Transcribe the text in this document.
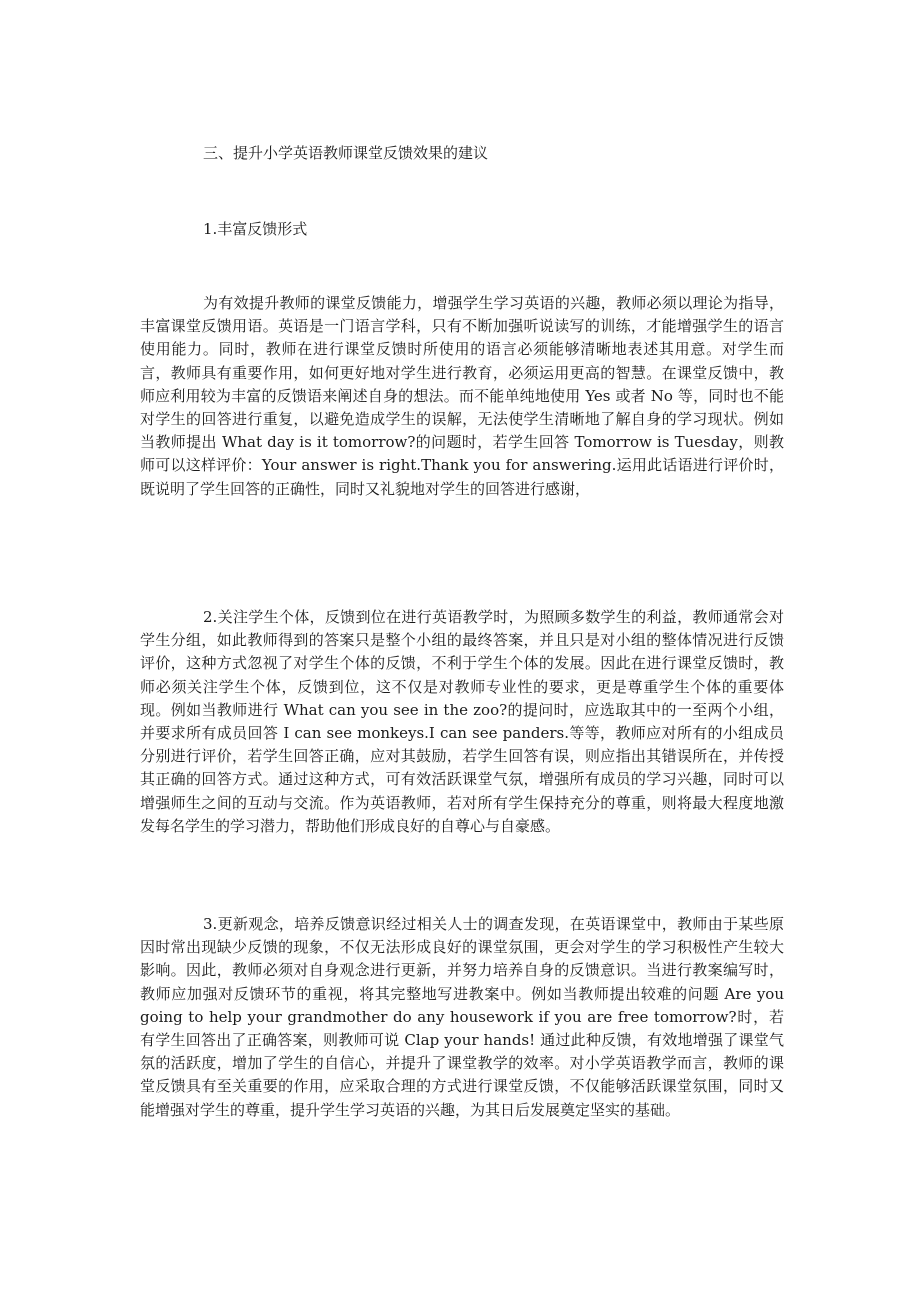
三、提升小学英语教师课堂反馈效果的建议
1.丰富反馈形式

为有效提升教师的课堂反馈能力，增强学生学习英语的兴趣，教师必须以理论为指导，丰富课堂反馈用语。英语是一门语言学科，只有不断加强听说读写的训练，才能增强学生的语言使用能力。同时，教师在进行课堂反馈时所使用的语言必须能够清晰地表述其用意。对学生而言，教师具有重要作用，如何更好地对学生进行教育，必须运用更高的智慧。在课堂反馈中，教师应利用较为丰富的反馈语来阐述自身的想法。而不能单纯地使用 Yes 或者 No 等，同时也不能对学生的回答进行重复，以避免造成学生的误解，无法使学生清晰地了解自身的学习现状。例如当教师提出 What day is it tomorrow?的问题时，若学生回答 Tomorrow is Tuesday，则教师可以这样评价：Your answer is right.Thank you for answering.运用此话语进行评价时，既说明了学生回答的正确性，同时又礼貌地对学生的回答进行感谢，

2.关注学生个体，反馈到位在进行英语教学时，为照顾多数学生的利益，教师通常会对学生分组，如此教师得到的答案只是整个小组的最终答案，并且只是对小组的整体情况进行反馈评价，这种方式忽视了对学生个体的反馈，不利于学生个体的发展。因此在进行课堂反馈时，教师必须关注学生个体，反馈到位，这不仅是对教师专业性的要求，更是尊重学生个体的重要体现。例如当教师进行 What can you see in the zoo?的提问时，应选取其中的一至两个小组，并要求所有成员回答 I can see monkeys.I can see panders.等等，教师应对所有的小组成员分别进行评价，若学生回答正确，应对其鼓励，若学生回答有误，则应指出其错误所在，并传授其正确的回答方式。通过这种方式，可有效活跃课堂气氛，增强所有成员的学习兴趣，同时可以增强师生之间的互动与交流。作为英语教师，若对所有学生保持充分的尊重，则将最大程度地激发每名学生的学习潜力，帮助他们形成良好的自尊心与自豪感。

3.更新观念，培养反馈意识经过相关人士的调查发现，在英语课堂中，教师由于某些原因时常出现缺少反馈的现象，不仅无法形成良好的课堂氛围，更会对学生的学习积极性产生较大影响。因此，教师必须对自身观念进行更新，并努力培养自身的反馈意识。当进行教案编写时，教师应加强对反馈环节的重视，将其完整地写进教案中。例如当教师提出较难的问题 Are you going to help your grandmother do any housework if you are free tomorrow?时，若有学生回答出了正确答案，则教师可说 Clap your hands! 通过此种反馈，有效地增强了课堂气氛的活跃度，增加了学生的自信心，并提升了课堂教学的效率。对小学英语教学而言，教师的课堂反馈具有至关重要的作用，应采取合理的方式进行课堂反馈，不仅能够活跃课堂氛围，同时又能增强对学生的尊重，提升学生学习英语的兴趣，为其日后发展奠定坚实的基础。
